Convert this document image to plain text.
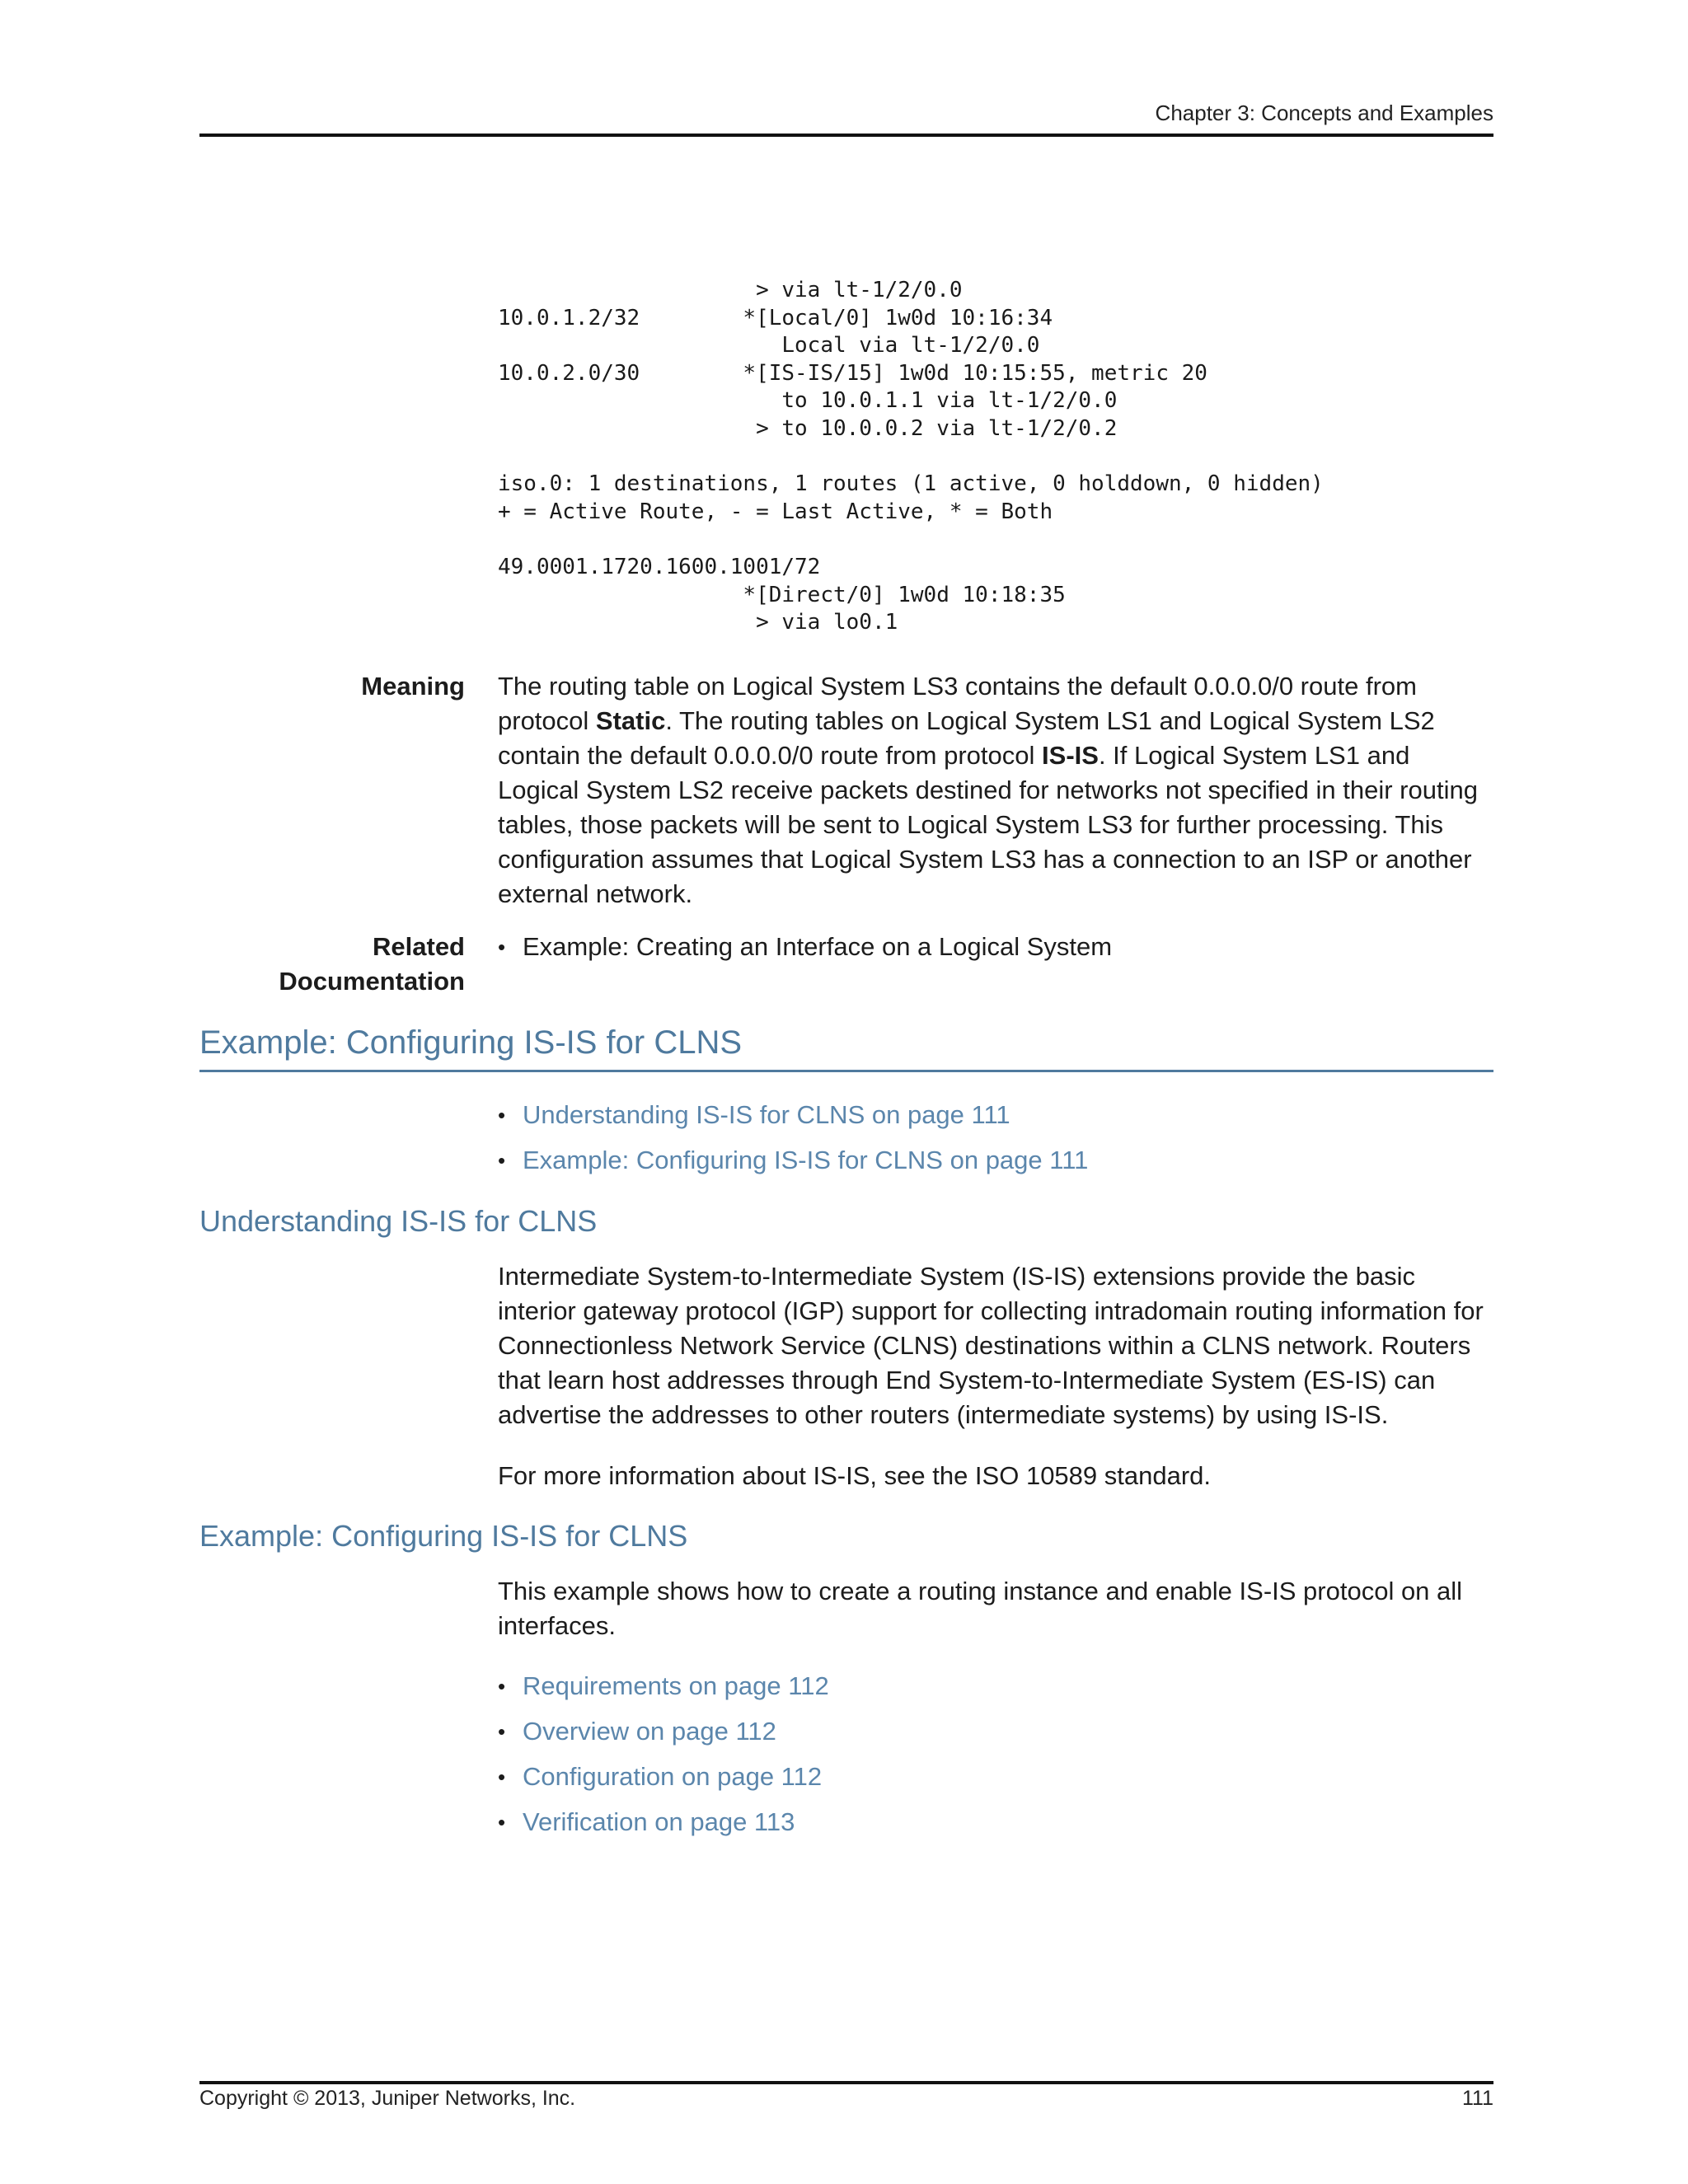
Chapter 3: Concepts and Examples
> via lt-1/2/0.0
10.0.1.2/32        *[Local/0] 1w0d 10:16:34
Local via lt-1/2/0.0
10.0.2.0/30        *[IS-IS/15] 1w0d 10:15:55, metric 20
to 10.0.1.1 via lt-1/2/0.0
> to 10.0.0.2 via lt-1/2/0.2

iso.0: 1 destinations, 1 routes (1 active, 0 holddown, 0 hidden)
+ = Active Route, - = Last Active, * = Both

49.0001.1720.1600.1001/72
*[Direct/0] 1w0d 10:18:35
> via lo0.1
Meaning The routing table on Logical System LS3 contains the default 0.0.0.0/0 route from protocol Static. The routing tables on Logical System LS1 and Logical System LS2 contain the default 0.0.0.0/0 route from protocol IS-IS. If Logical System LS1 and Logical System LS2 receive packets destined for networks not specified in their routing tables, those packets will be sent to Logical System LS3 for further processing. This configuration assumes that Logical System LS3 has a connection to an ISP or another external network.

Related
Documentation
• Example: Creating an Interface on a Logical System
Example: Configuring IS-IS for CLNS
• Understanding IS-IS for CLNS on page 111
• Example: Configuring IS-IS for CLNS on page 111
Understanding IS-IS for CLNS

Intermediate System-to-Intermediate System (IS-IS) extensions provide the basic interior gateway protocol (IGP) support for collecting intradomain routing information for Connectionless Network Service (CLNS) destinations within a CLNS network. Routers that learn host addresses through End System-to-Intermediate System (ES-IS) can advertise the addresses to other routers (intermediate systems) by using IS-IS.

For more information about IS-IS, see the ISO 10589 standard.

Example: Configuring IS-IS for CLNS

This example shows how to create a routing instance and enable IS-IS protocol on all interfaces.

• Requirements on page 112
• Overview on page 112
• Configuration on page 112
• Verification on page 113
Copyright © 2013, Juniper Networks, Inc.	111
